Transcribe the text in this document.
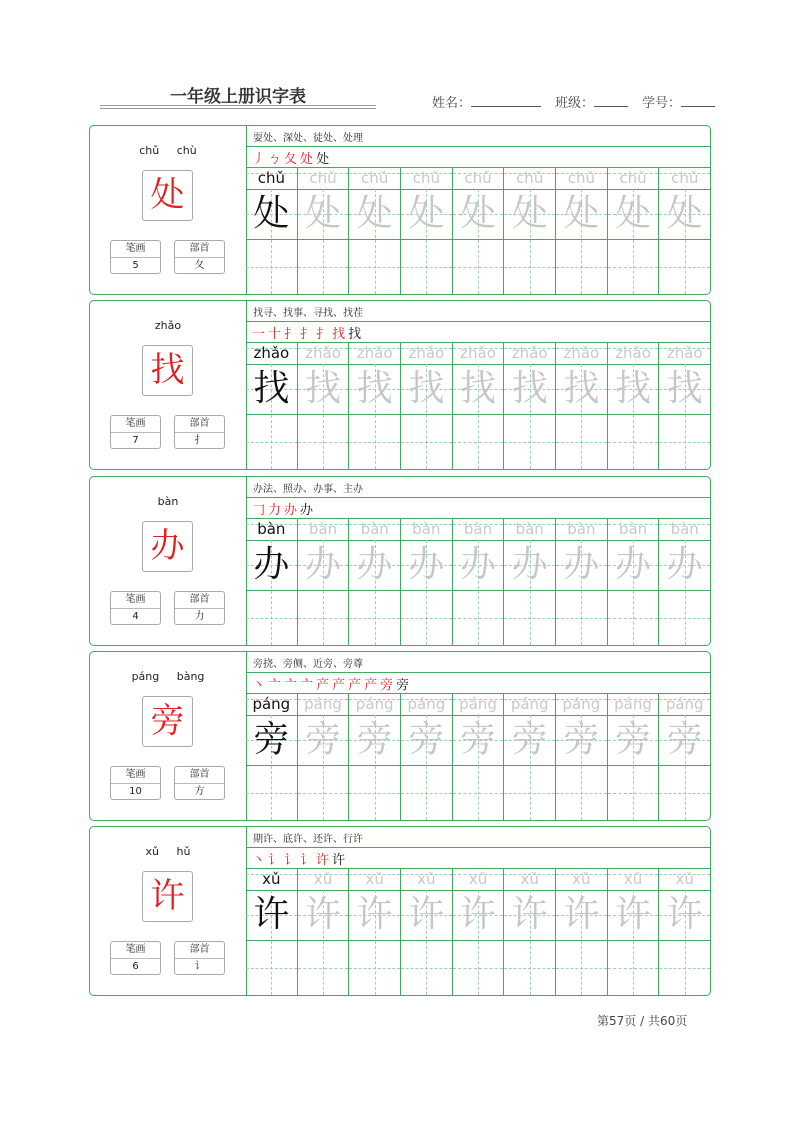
一年级上册识字表	姓名：	班级：	学号：
chǔ chù
处
笔画
5
部首
夂
耍处、深处、徒处、处理
丿 ㄅ 夂 处 处
chǔ
处
chǔ
处
chǔ
处
chǔ
处
chǔ
处
chǔ
处
chǔ
处
chǔ
处
chǔ
处
zhǎo
找
笔画
7
部首
扌
找寻、找事、寻找、找茬
一 十 扌 扌 扌 找 找
zhǎo
找
zhǎo
找
zhǎo
找
zhǎo
找
zhǎo
找
zhǎo
找
zhǎo
找
zhǎo
找
zhǎo
找
bàn
办
笔画
4
部首
力
办法、照办、办事、主办
𠃌 力 办 办
bàn
办
bàn
办
bàn
办
bàn
办
bàn
办
bàn
办
bàn
办
bàn
办
bàn
办
páng bàng
旁
笔画
10
部首
方
旁挠、旁侧、近旁、旁尊
丶 亠 亠 亠 产 产 产 产 旁 旁
páng
旁
páng
旁
páng
旁
páng
旁
páng
旁
páng
旁
páng
旁
páng
旁
páng
旁
xǔ hǔ
许
笔画
6
部首
讠
期许、底许、还许、行许
丶 讠 讠 讠 许 许
xǔ
许
xǔ
许
xǔ
许
xǔ
许
xǔ
许
xǔ
许
xǔ
许
xǔ
许
xǔ
许
第57页 / 共60页
